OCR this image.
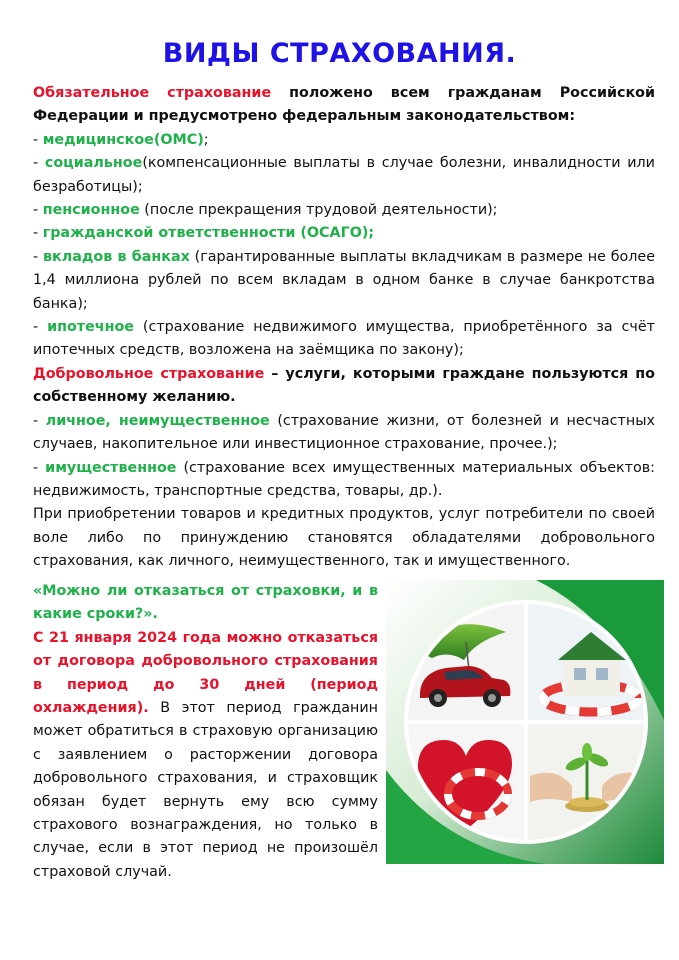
ВИДЫ СТРАХОВАНИЯ.

Обязательное страхование положено всем гражданам Российской Федерации и предусмотрено федеральным законодательством:

- медицинское(ОМС);

- социальное(компенсационные выплаты в случае болезни, инвалидности или безработицы);

- пенсионное (после прекращения трудовой деятельности);

- гражданской ответственности (ОСАГО);

- вкладов в банках (гарантированные выплаты вкладчикам в размере не более 1,4 миллиона рублей по всем вкладам в одном банке в случае банкротства банка);

- ипотечное (страхование недвижимого имущества, приобретённого за счёт ипотечных средств, возложена на заёмщика по закону);

Добровольное страхование – услуги, которыми граждане пользуются по собственному желанию.

- личное, неимущественное (страхование жизни, от болезней и несчастных случаев, накопительное или инвестиционное страхование, прочее.);

- имущественное (страхование всех имущественных материальных объектов: недвижимость, транспортные средства, товары, др.).

При приобретении товаров и кредитных продуктов, услуг потребители по своей воле либо по принуждению становятся обладателями добровольного страхования, как личного, неимущественного, так и имущественного.

«Можно ли отказаться от страховки, и в какие сроки?».

С 21 января 2024 года можно отказаться от договора добровольного страхования в период до 30 дней (период охлаждения). В этот период гражданин может обратиться в страховую организацию с заявлением о расторжении договора добровольного страхования, и страховщик обязан будет вернуть ему всю сумму страхового вознаграждения, но только в случае, если в этот период не произошёл страховой случай.
